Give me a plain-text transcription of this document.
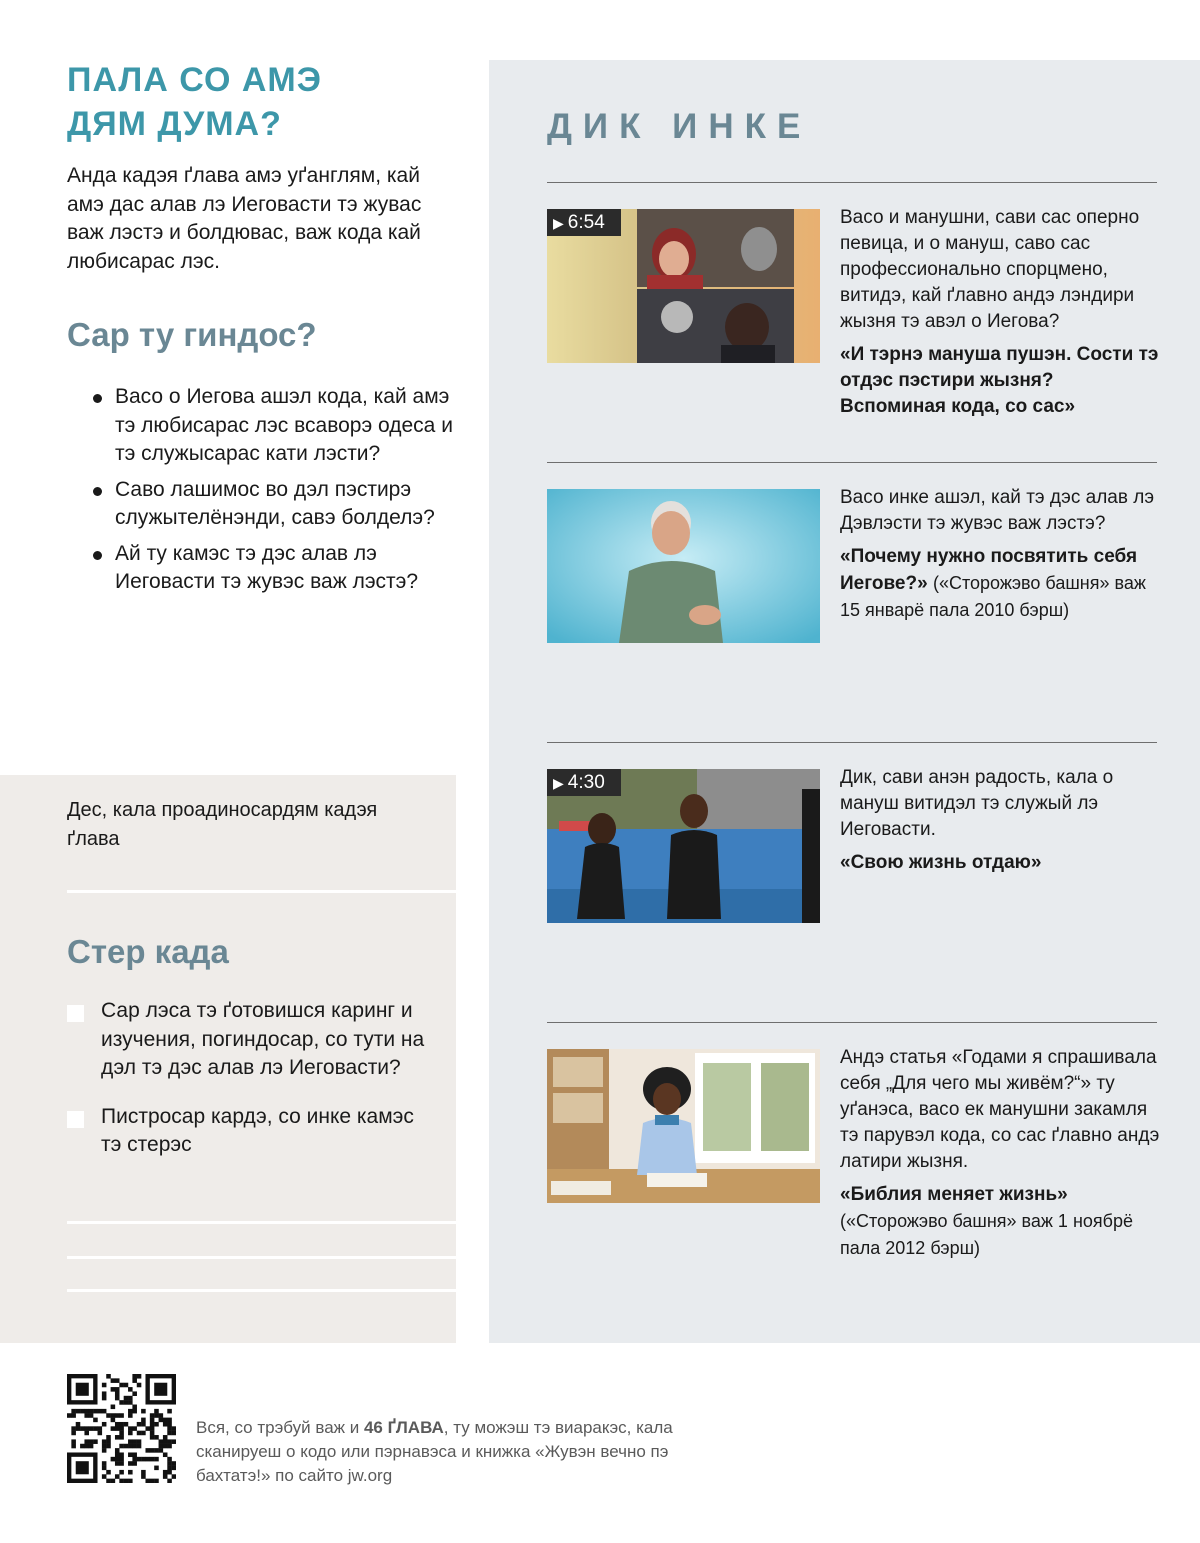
ПАЛА СО АМЭ
ДЯМ ДУМА?

Анда кадэя ґлава амэ уґанглям, кай амэ дас алав лэ Иеговасти тэ жувас важ лэстэ и болдювас, важ кода кай любисарас лэс.

Сар ту гиндос?
Васо о Иегова ашэл кода, кай амэ тэ любисарас лэс всаворэ одеса и тэ служысарас кати лэсти?
Саво лашимос во дэл пэстирэ служытелёнэнди, савэ болделэ?
Ай ту камэс тэ дэс алав лэ Иеговасти тэ жувэс важ лэстэ?

Дес, кала проадиносардям кадэя ґлава

Стер када
Сар лэса тэ ґотовишся каринг и изучения, погиндосар, со тути на дэл тэ дэс алав лэ Иеговасти?
Пистросар кардэ, со инке камэс тэ стерэс
ДИК ИНКЕ
▶ 6:54	Васо и манушни, сави сас оперно певица, и о мануш, саво сас профессионально спорцмено, витидэ, кай ґлавно андэ лэндири жызня тэ авэл о Иегова?
«И тэрнэ мануша пушэн. Сости тэ отдэс пэстири жызня? Вспоминая кода, со сас»
Васо инке ашэл, кай тэ дэс алав лэ Дэвлэсти тэ жувэс важ лэстэ?
«Почему нужно посвятить себя Иегове?» («Сторожэво башня» важ 15 январё пала 2010 бэрш)
▶ 4:30	Дик, сави анэн радость, кала о мануш витидэл тэ служый лэ Иеговасти.
«Свою жизнь отдаю»
Андэ статья «Годами я спрашивала себя „Для чего мы живём?“» ту уґанэса, васо ек манушни закамля тэ парувэл кода, со сас ґлавно андэ латири жызня.
«Библия меняет жизнь»
(«Сторожэво башня» важ 1 ноябрё пала 2012 бэрш)

Вся, со трэбуй важ и 46 ҐЛАВА, ту можэш тэ виаракэс, кала сканируеш о кодо или пэрнавэса и книжка «Жувэн вечно пэ бахтатэ!» по сайто jw.org
